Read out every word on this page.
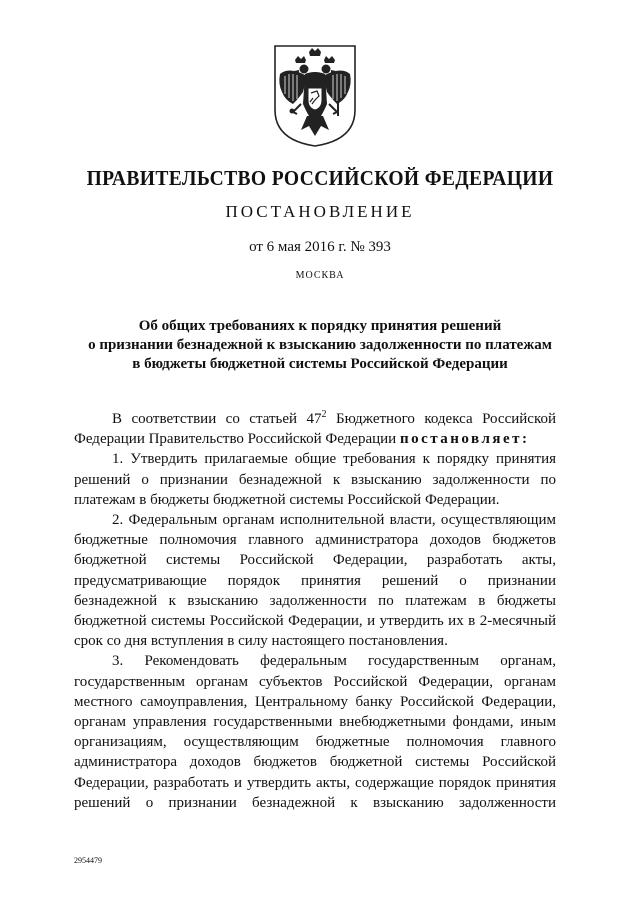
ПРАВИТЕЛЬСТВО РОССИЙСКОЙ ФЕДЕРАЦИИ
ПОСТАНОВЛЕНИЕ
от 6 мая 2016 г. № 393
МОСКВА
Об общих требованиях к порядку принятия решений
о признании безнадежной к взысканию задолженности по платежам
в бюджеты бюджетной системы Российской Федерации

В соответствии со статьей $47^2$ Бюджетного кодекса Российской Федерации Правительство Российской Федерации постановляет:

1. Утвердить прилагаемые общие требования к порядку принятия решений о признании безнадежной к взысканию задолженности по платежам в бюджеты бюджетной системы Российской Федерации.

2. Федеральным органам исполнительной власти, осуществляющим бюджетные полномочия главного администратора доходов бюджетов бюджетной системы Российской Федерации, разработать акты, предусматривающие порядок принятия решений о признании безнадежной к взысканию задолженности по платежам в бюджеты бюджетной системы Российской Федерации, и утвердить их в 2-месячный срок со дня вступления в силу настоящего постановления.

3. Рекомендовать федеральным государственным органам, государственным органам субъектов Российской Федерации, органам местного самоуправления, Центральному банку Российской Федерации, органам управления государственными внебюджетными фондами, иным организациям, осуществляющим бюджетные полномочия главного администратора доходов бюджетов бюджетной системы Российской Федерации, разработать и утвердить акты, содержащие порядок принятия решений о признании безнадежной к взысканию задолженности

2954479
